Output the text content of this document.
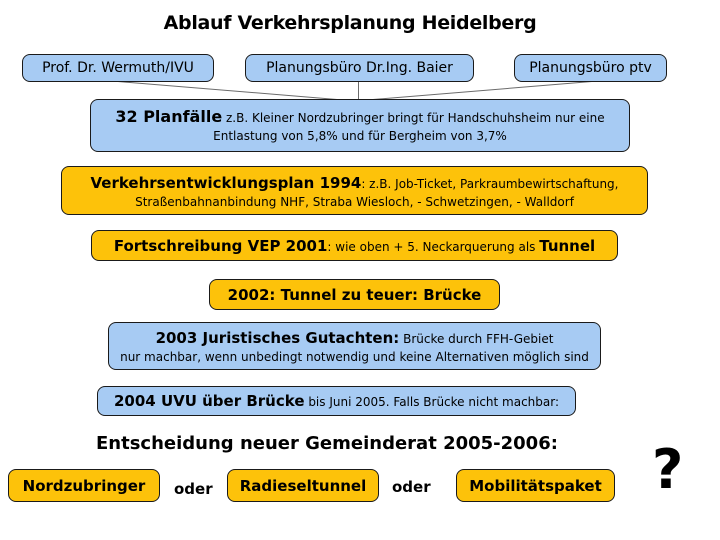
Ablauf Verkehrsplanung Heidelberg
Prof. Dr. Wermuth/IVU	Planungsbüro Dr.Ing. Baier	Planungsbüro ptv
32 Planfälle z.B. Kleiner Nordzubringer bringt für Handschuhsheim nur eine
Entlastung von 5,8% und für Bergheim von 3,7%
Verkehrsentwicklungsplan 1994: z.B. Job-Ticket, Parkraumbewirtschaftung,
Straßenbahnanbindung NHF, Straba Wiesloch, - Schwetzingen, - Walldorf
Fortschreibung VEP 2001: wie oben + 5. Neckarquerung als Tunnel
2002: Tunnel zu teuer: Brücke
2003 Juristisches Gutachten: Brücke durch FFH-Gebiet
nur machbar, wenn unbedingt notwendig und keine Alternativen möglich sind
2004 UVU über Brücke bis Juni 2005. Falls Brücke nicht machbar:
Entscheidung neuer Gemeinderat 2005-2006:
Nordzubringer	oder	Radieseltunnel	oder	Mobilitätspaket ?
